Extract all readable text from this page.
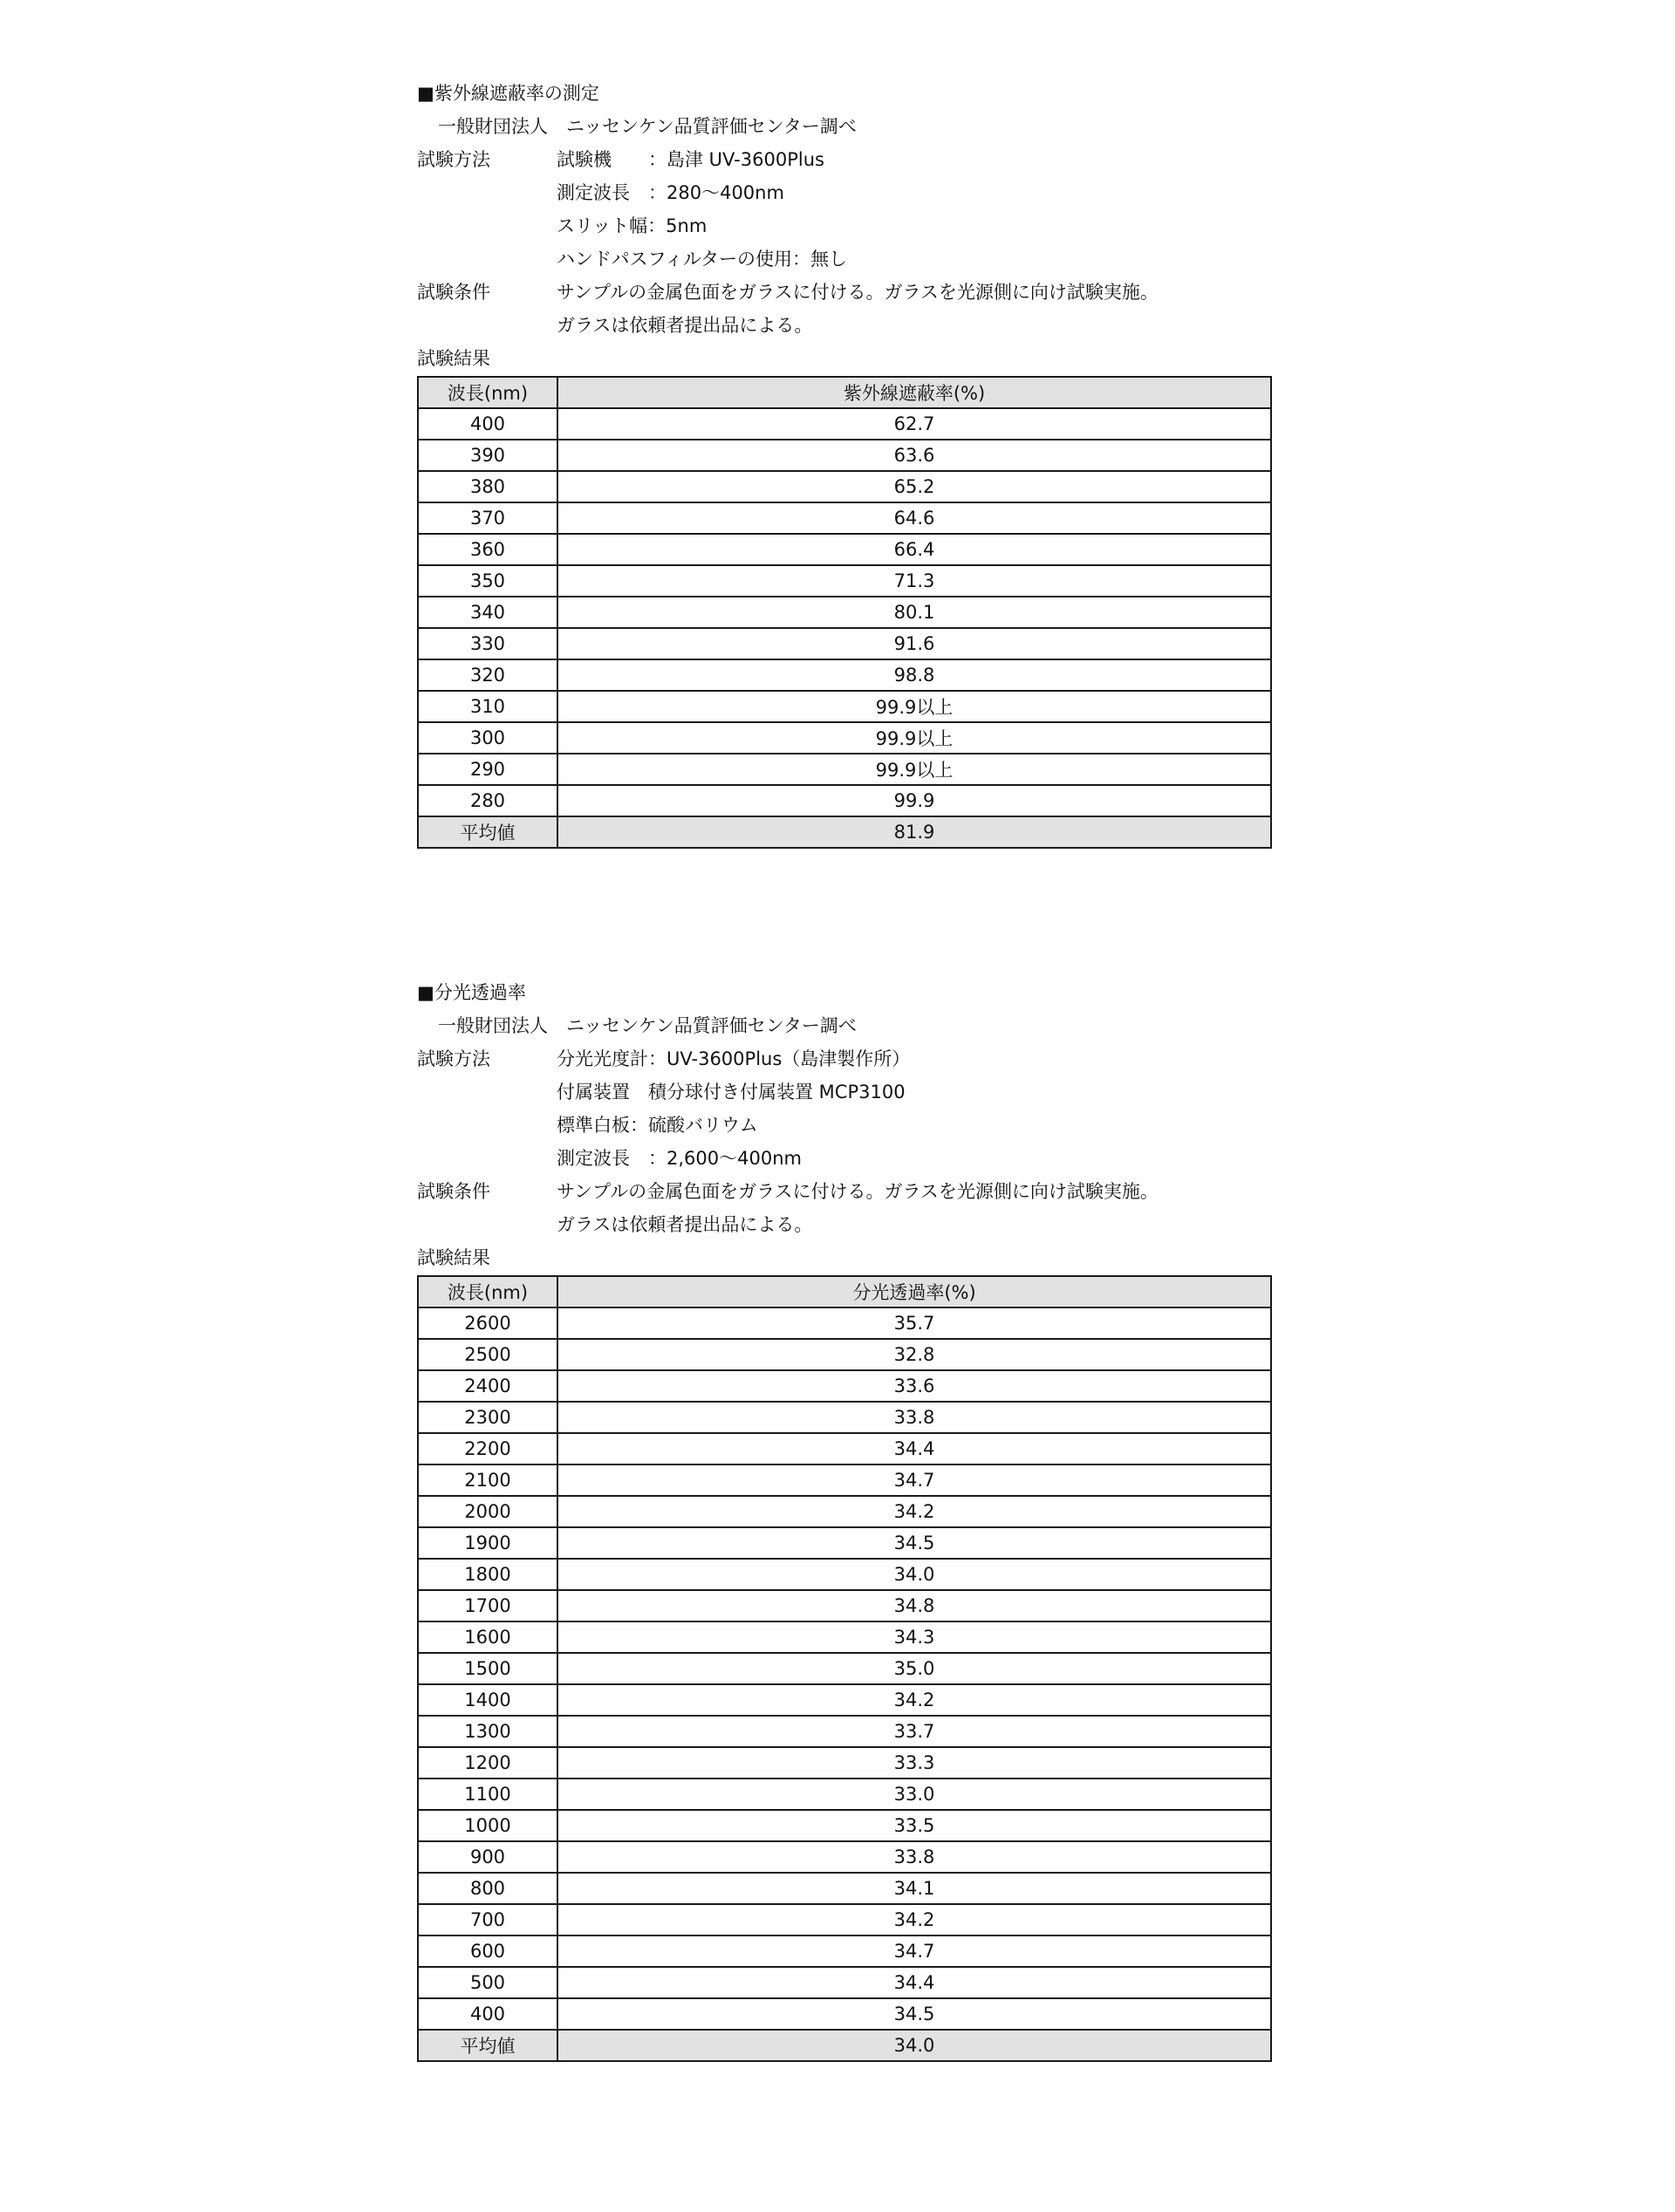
■紫外線遮蔽率の測定
一般財団法人　ニッセンケン品質評価センター調べ
試験方法	試験機　　：島津 UV-3600Plus
測定波長　：280～400nm
スリット幅：5nm
ハンドパスフィルターの使用：無し
試験条件	サンプルの金属色面をガラスに付ける。ガラスを光源側に向け試験実施。
ガラスは依頼者提出品による。
試験結果
波長(nm)	紫外線遮蔽率(%)
400	62.7
390	63.6
380	65.2
370	64.6
360	66.4
350	71.3
340	80.1
330	91.6
320	98.8
310	99.9以上
300	99.9以上
290	99.9以上
280	99.9
平均値	81.9
■分光透過率
一般財団法人　ニッセンケン品質評価センター調べ
試験方法	分光光度計：UV-3600Plus（島津製作所）
付属装置　積分球付き付属装置 MCP3100
標準白板：硫酸バリウム
測定波長　：2,600～400nm
試験条件	サンプルの金属色面をガラスに付ける。ガラスを光源側に向け試験実施。
ガラスは依頼者提出品による。
試験結果
波長(nm)	分光透過率(%)
2600	35.7
2500	32.8
2400	33.6
2300	33.8
2200	34.4
2100	34.7
2000	34.2
1900	34.5
1800	34.0
1700	34.8
1600	34.3
1500	35.0
1400	34.2
1300	33.7
1200	33.3
1100	33.0
1000	33.5
900	33.8
800	34.1
700	34.2
600	34.7
500	34.4
400	34.5
平均値	34.0
